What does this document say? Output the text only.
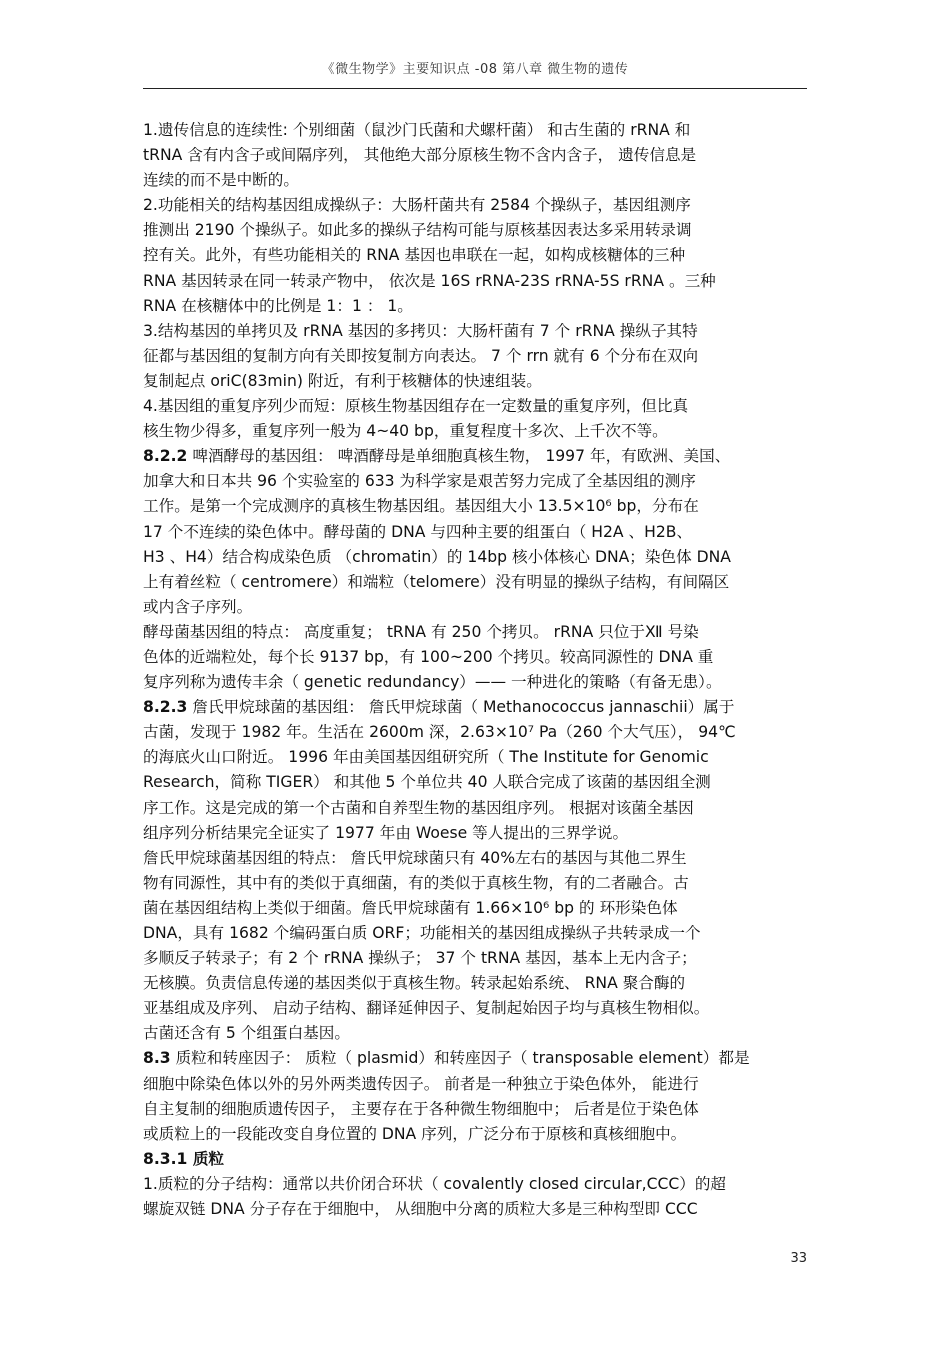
《微生物学》主要知识点 -08 第八章 微生物的遗传
1.遗传信息的连续性: 个别细菌（鼠沙门氏菌和犬螺杆菌） 和古生菌的 rRNA 和
tRNA 含有内含子或间隔序列， 其他绝大部分原核生物不含内含子， 遗传信息是
连续的而不是中断的。
2.功能相关的结构基因组成操纵子：大肠杆菌共有 2584 个操纵子，基因组测序
推测出 2190 个操纵子。如此多的操纵子结构可能与原核基因表达多采用转录调
控有关。此外，有些功能相关的 RNA 基因也串联在一起，如构成核糖体的三种
RNA 基因转录在同一转录产物中， 依次是 16S rRNA-23S rRNA-5S rRNA 。三种
RNA 在核糖体中的比例是 1：1 ： 1。
3.结构基因的单拷贝及 rRNA 基因的多拷贝：大肠杆菌有 7 个 rRNA 操纵子其特
征都与基因组的复制方向有关即按复制方向表达。 7 个 rrn 就有 6 个分布在双向
复制起点 oriC(83min) 附近，有利于核糖体的快速组装。
4.基因组的重复序列少而短：原核生物基因组存在一定数量的重复序列，但比真
核生物少得多，重复序列一般为 4~40 bp，重复程度十多次、上千次不等。
8.2.2 啤酒酵母的基因组： 啤酒酵母是单细胞真核生物， 1997 年，有欧洲、美国、
加拿大和日本共 96 个实验室的 633 为科学家是艰苦努力完成了全基因组的测序
工作。是第一个完成测序的真核生物基因组。基因组大小 13.5×10⁶ bp，分布在
17 个不连续的染色体中。酵母菌的 DNA 与四种主要的组蛋白（ H2A 、H2B、
H3 、H4）结合构成染色质 （chromatin）的 14bp 核小体核心 DNA；染色体 DNA
上有着丝粒（ centromere）和端粒（telomere）没有明显的操纵子结构，有间隔区
或内含子序列。
酵母菌基因组的特点： 高度重复； tRNA 有 250 个拷贝。 rRNA 只位于Ⅻ 号染
色体的近端粒处，每个长 9137 bp，有 100~200 个拷贝。较高同源性的 DNA 重
复序列称为遗传丰余（ genetic redundancy）—— 一种进化的策略（有备无患）。
8.2.3 詹氏甲烷球菌的基因组： 詹氏甲烷球菌（ Methanococcus jannaschii）属于
古菌，发现于 1982 年。生活在 2600m 深，2.63×10⁷ Pa（260 个大气压）， 94℃
的海底火山口附近。 1996 年由美国基因组研究所（ The Institute for Genomic
Research，简称 TIGER） 和其他 5 个单位共 40 人联合完成了该菌的基因组全测
序工作。这是完成的第一个古菌和自养型生物的基因组序列。 根据对该菌全基因
组序列分析结果完全证实了 1977 年由 Woese 等人提出的三界学说。
詹氏甲烷球菌基因组的特点： 詹氏甲烷球菌只有 40%左右的基因与其他二界生
物有同源性，其中有的类似于真细菌，有的类似于真核生物，有的二者融合。古
菌在基因组结构上类似于细菌。詹氏甲烷球菌有 1.66×10⁶ bp 的 环形染色体
DNA，具有 1682 个编码蛋白质 ORF；功能相关的基因组成操纵子共转录成一个
多顺反子转录子；有 2 个 rRNA 操纵子； 37 个 tRNA 基因，基本上无内含子；
无核膜。负责信息传递的基因类似于真核生物。转录起始系统、 RNA 聚合酶的
亚基组成及序列、 启动子结构、翻译延伸因子、复制起始因子均与真核生物相似。
古菌还含有 5 个组蛋白基因。
8.3 质粒和转座因子： 质粒（ plasmid）和转座因子（ transposable element）都是
细胞中除染色体以外的另外两类遗传因子。 前者是一种独立于染色体外， 能进行
自主复制的细胞质遗传因子， 主要存在于各种微生物细胞中； 后者是位于染色体
或质粒上的一段能改变自身位置的 DNA 序列，广泛分布于原核和真核细胞中。
8.3.1 质粒
1.质粒的分子结构：通常以共价闭合环状（ covalently closed circular,CCC）的超
螺旋双链 DNA 分子存在于细胞中， 从细胞中分离的质粒大多是三种构型即 CCC
33
